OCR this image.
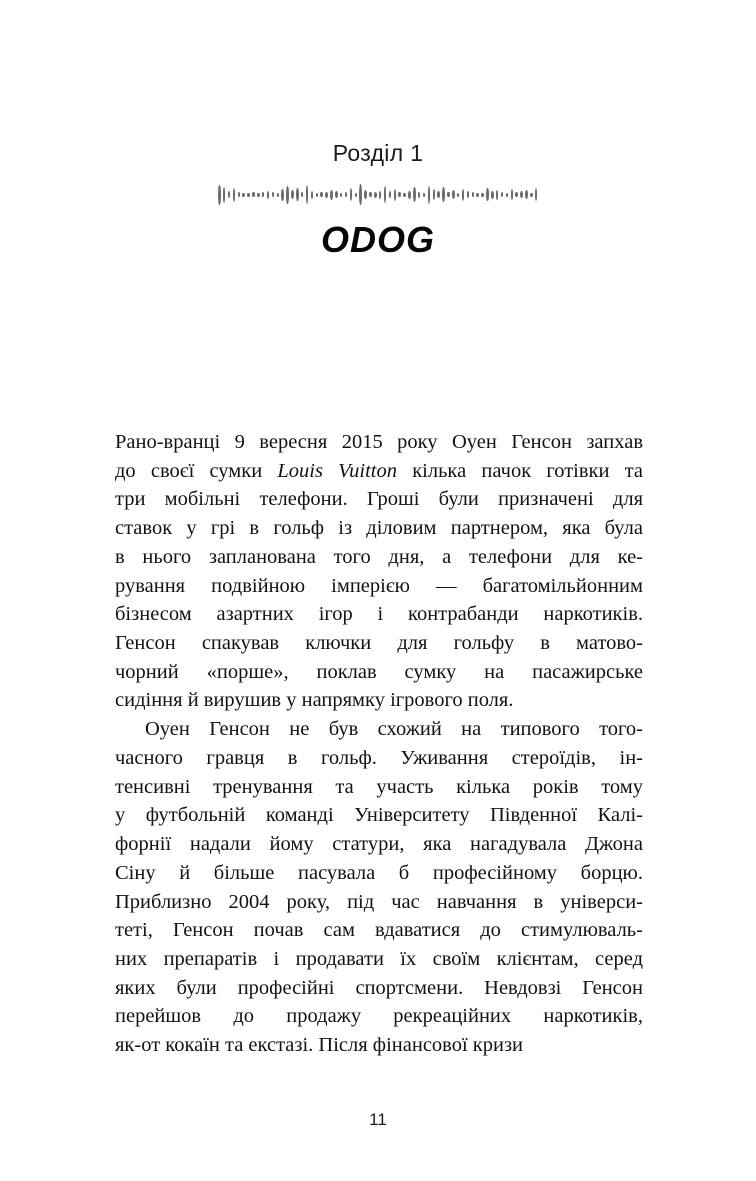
Розділ 1
ODOG
Рано-вранці 9 вересня 2015 року Оуен Генсон запхав
до своєї сумки Louis Vuitton кілька пачок готівки та
три мобільні телефони. Гроші були призначені для
ставок у грі в гольф із діловим партнером, яка була
в нього запланована того дня, а телефони для ке-
рування подвійною імперією — багатомільйонним
бізнесом азартних ігор і контрабанди наркотиків.
Генсон спакував ключки для гольфу в матово-
чорний «порше», поклав сумку на пасажирське
сидіння й вирушив у напрямку ігрового поля.
Оуен Генсон не був схожий на типового того-
часного гравця в гольф. Уживання стероїдів, ін-
тенсивні тренування та участь кілька років тому
у футбольній команді Університету Південної Калі-
форнії надали йому статури, яка нагадувала Джона
Сіну й більше пасувала б професійному борцю.
Приблизно 2004 року, під час навчання в універси-
теті, Генсон почав сам вдаватися до стимулюваль-
них препаратів і продавати їх своїм клієнтам, серед
яких були професійні спортсмени. Невдовзі Генсон
перейшов до продажу рекреаційних наркотиків,
як-от кокаїн та екстазі. Після фінансової кризи
11
